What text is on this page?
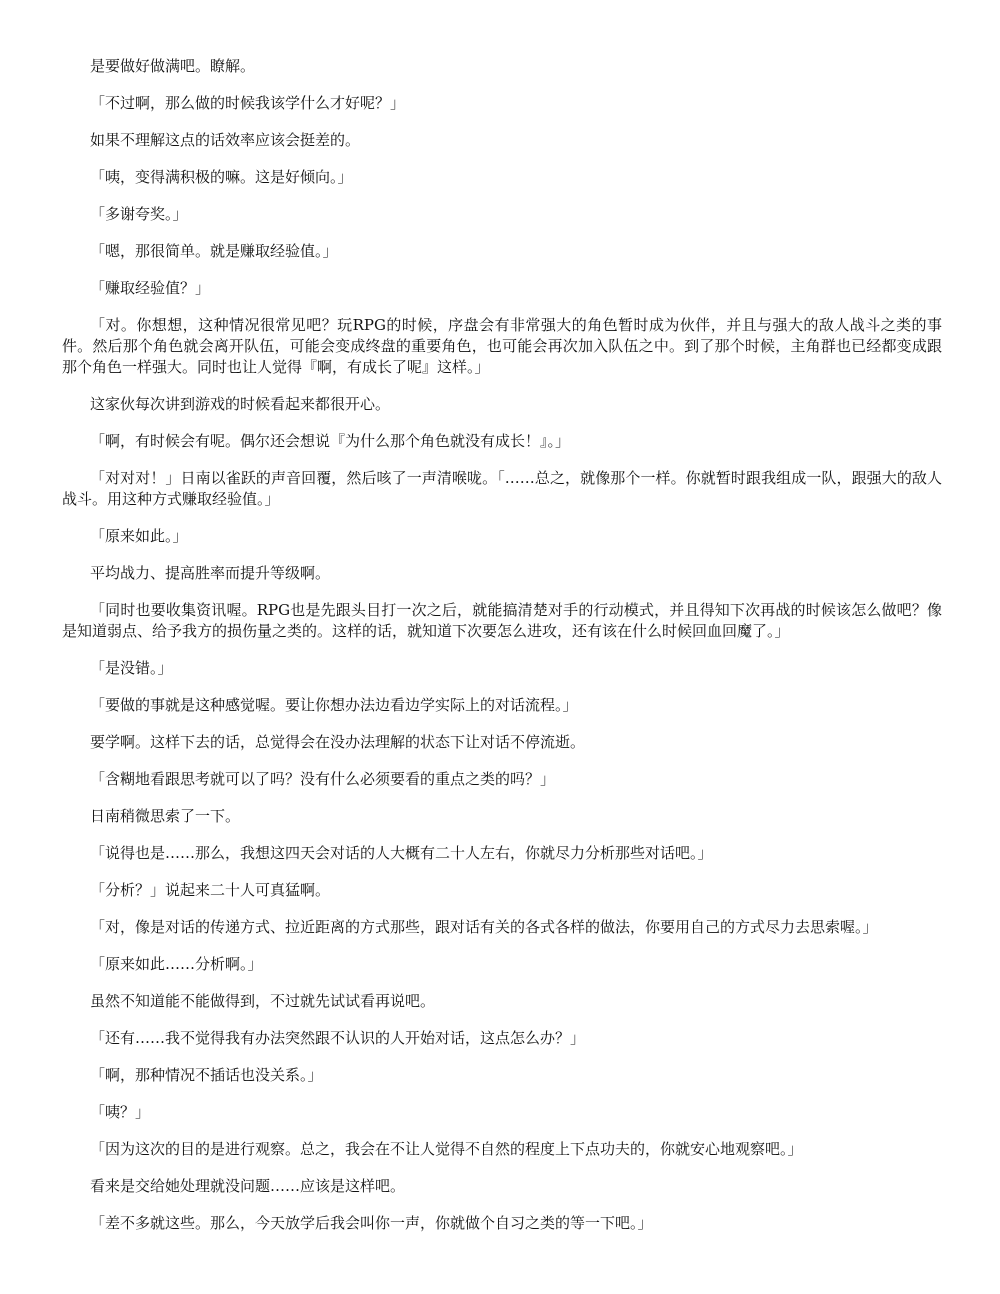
是要做好做满吧。瞭解。

「不过啊，那么做的时候我该学什么才好呢？」

如果不理解这点的话效率应该会挺差的。

「咦，变得满积极的嘛。这是好倾向。」

「多谢夸奖。」

「嗯，那很简单。就是赚取经验值。」

「赚取经验值？」

「对。你想想，这种情况很常见吧？玩RPG的时候，序盘会有非常强大的角色暂时成为伙伴，并且与强大的敌人战斗之类的事件。然后那个角色就会离开队伍，可能会变成终盘的重要角色，也可能会再次加入队伍之中。到了那个时候，主角群也已经都变成跟那个角色一样强大。同时也让人觉得『啊，有成长了呢』这样。」

这家伙每次讲到游戏的时候看起来都很开心。

「啊，有时候会有呢。偶尔还会想说『为什么那个角色就没有成长！』。」

「对对对！」日南以雀跃的声音回覆，然后咳了一声清喉咙。「……总之，就像那个一样。你就暂时跟我组成一队，跟强大的敌人战斗。用这种方式赚取经验值。」

「原来如此。」

平均战力、提高胜率而提升等级啊。

「同时也要收集资讯喔。RPG也是先跟头目打一次之后，就能搞清楚对手的行动模式，并且得知下次再战的时候该怎么做吧？像是知道弱点、给予我方的损伤量之类的。这样的话，就知道下次要怎么进攻，还有该在什么时候回血回魔了。」

「是没错。」

「要做的事就是这种感觉喔。要让你想办法边看边学实际上的对话流程。」

要学啊。这样下去的话，总觉得会在没办法理解的状态下让对话不停流逝。

「含糊地看跟思考就可以了吗？没有什么必须要看的重点之类的吗？」

日南稍微思索了一下。

「说得也是……那么，我想这四天会对话的人大概有二十人左右，你就尽力分析那些对话吧。」

「分析？」说起来二十人可真猛啊。

「对，像是对话的传递方式、拉近距离的方式那些，跟对话有关的各式各样的做法，你要用自己的方式尽力去思索喔。」

「原来如此……分析啊。」

虽然不知道能不能做得到，不过就先试试看再说吧。

「还有……我不觉得我有办法突然跟不认识的人开始对话，这点怎么办？」

「啊，那种情况不插话也没关系。」

「咦？」

「因为这次的目的是进行观察。总之，我会在不让人觉得不自然的程度上下点功夫的，你就安心地观察吧。」

看来是交给她处理就没问题……应该是这样吧。

「差不多就这些。那么，今天放学后我会叫你一声，你就做个自习之类的等一下吧。」
